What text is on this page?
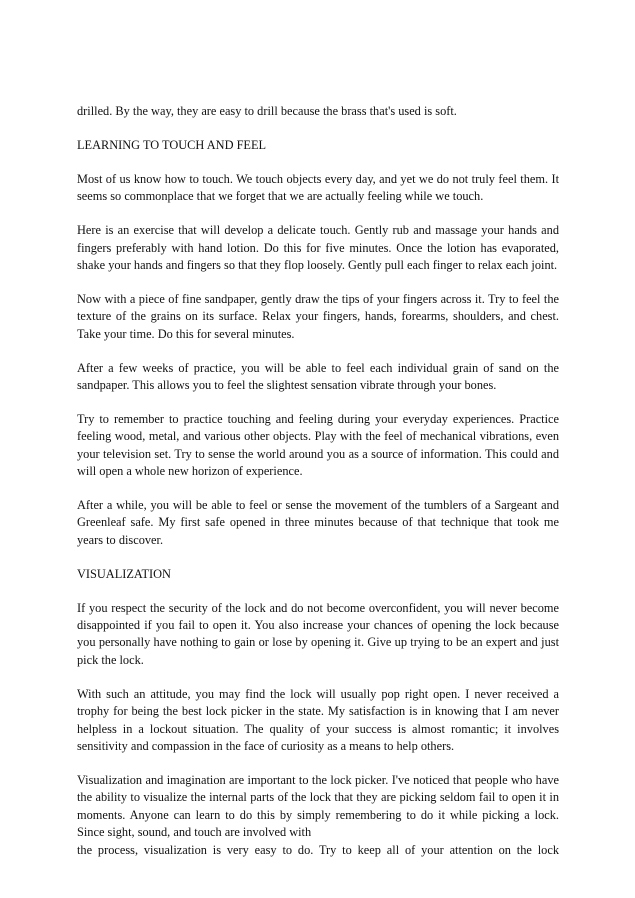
drilled. By the way, they are easy to drill because the brass that's used is soft.

LEARNING TO TOUCH AND FEEL

Most of us know how to touch. We touch objects every day, and yet we do not truly feel them. It seems so commonplace that we forget that we are actually feeling while we touch.

Here is an exercise that will develop a delicate touch. Gently rub and massage your hands and fingers preferably with hand lotion. Do this for five minutes. Once the lotion has evaporated, shake your hands and fingers so that they flop loosely. Gently pull each finger to relax each joint.

Now with a piece of fine sandpaper, gently draw the tips of your fingers across it. Try to feel the texture of the grains on its surface. Relax your fingers, hands, forearms, shoulders, and chest. Take your time. Do this for several minutes.

After a few weeks of practice, you will be able to feel each individual grain of sand on the sandpaper. This allows you to feel the slightest sensation vibrate through your bones.

Try to remember to practice touching and feeling during your everyday experiences. Practice feeling wood, metal, and various other objects. Play with the feel of mechanical vibrations, even your television set. Try to sense the world around you as a source of information. This could and will open a whole new horizon of experience.

After a while, you will be able to feel or sense the movement of the tumblers of a Sargeant and Greenleaf safe. My first safe opened in three minutes because of that technique that took me years to discover.

VISUALIZATION

If you respect the security of the lock and do not become overconfident, you will never become disappointed if you fail to open it. You also increase your chances of opening the lock because you personally have nothing to gain or lose by opening it. Give up trying to be an expert and just pick the lock.

With such an attitude, you may find the lock will usually pop right open. I never received a trophy for being the best lock picker in the state. My satisfaction is in knowing that I am never helpless in a lockout situation. The quality of your success is almost romantic; it involves sensitivity and compassion in the face of curiosity as a means to help others.

Visualization and imagination are important to the lock picker. I've noticed that people who have the ability to visualize the internal parts of the lock that they are picking seldom fail to open it in moments. Anyone can learn to do this by simply remembering to do it while picking a lock. Since sight, sound, and touch are involved with

the process, visualization is very easy to do. Try to keep all of your attention on the lock
